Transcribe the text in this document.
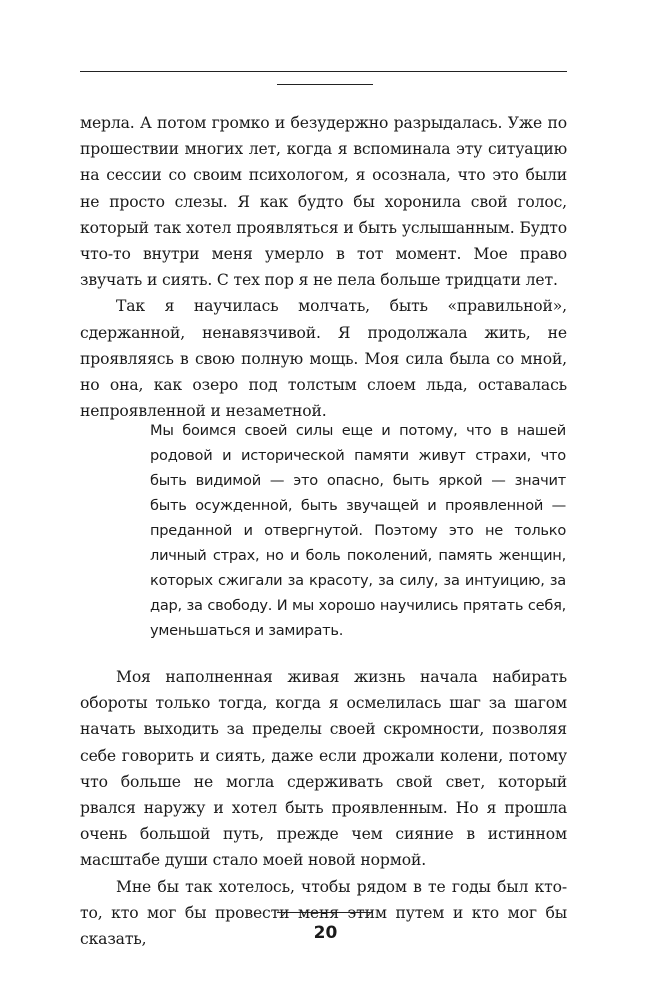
мерла. А потом громко и безудержно разрыдалась. Уже по прошествии многих лет, когда я вспоминала эту ситуацию на сессии со своим психологом, я осознала, что это были не просто слезы. Я как будто бы хоронила свой голос, который так хотел проявляться и быть услышанным. Будто что-то внутри меня умерло в тот момент. Мое право звучать и сиять. С тех пор я не пела больше тридцати лет.

Так я научилась молчать, быть «правильной», сдержанной, ненавязчивой. Я продолжала жить, не проявляясь в свою полную мощь. Моя сила была со мной, но она, как озеро под толстым слоем льда, оставалась непроявленной и незаметной.

Мы боимся своей силы еще и потому, что в нашей родовой и исторической памяти живут страхи, что быть видимой — это опасно, быть яркой — значит быть осужденной, быть звучащей и проявленной — преданной и отвергнутой. Поэтому это не только личный страх, но и боль поколений, память женщин, которых сжигали за красоту, за силу, за интуицию, за дар, за свободу. И мы хорошо научились прятать себя, уменьшаться и замирать.

Моя наполненная живая жизнь начала набирать обороты только тогда, когда я осмелилась шаг за шагом начать выходить за пределы своей скромности, позволяя себе говорить и сиять, даже если дрожали колени, потому что больше не могла сдерживать свой свет, который рвался наружу и хотел быть проявленным. Но я прошла очень большой путь, прежде чем сияние в истинном масштабе души стало моей новой нормой.

Мне бы так хотелось, чтобы рядом в те годы был кто-то, кто мог бы провести меня этим путем и кто мог бы сказать,	20
